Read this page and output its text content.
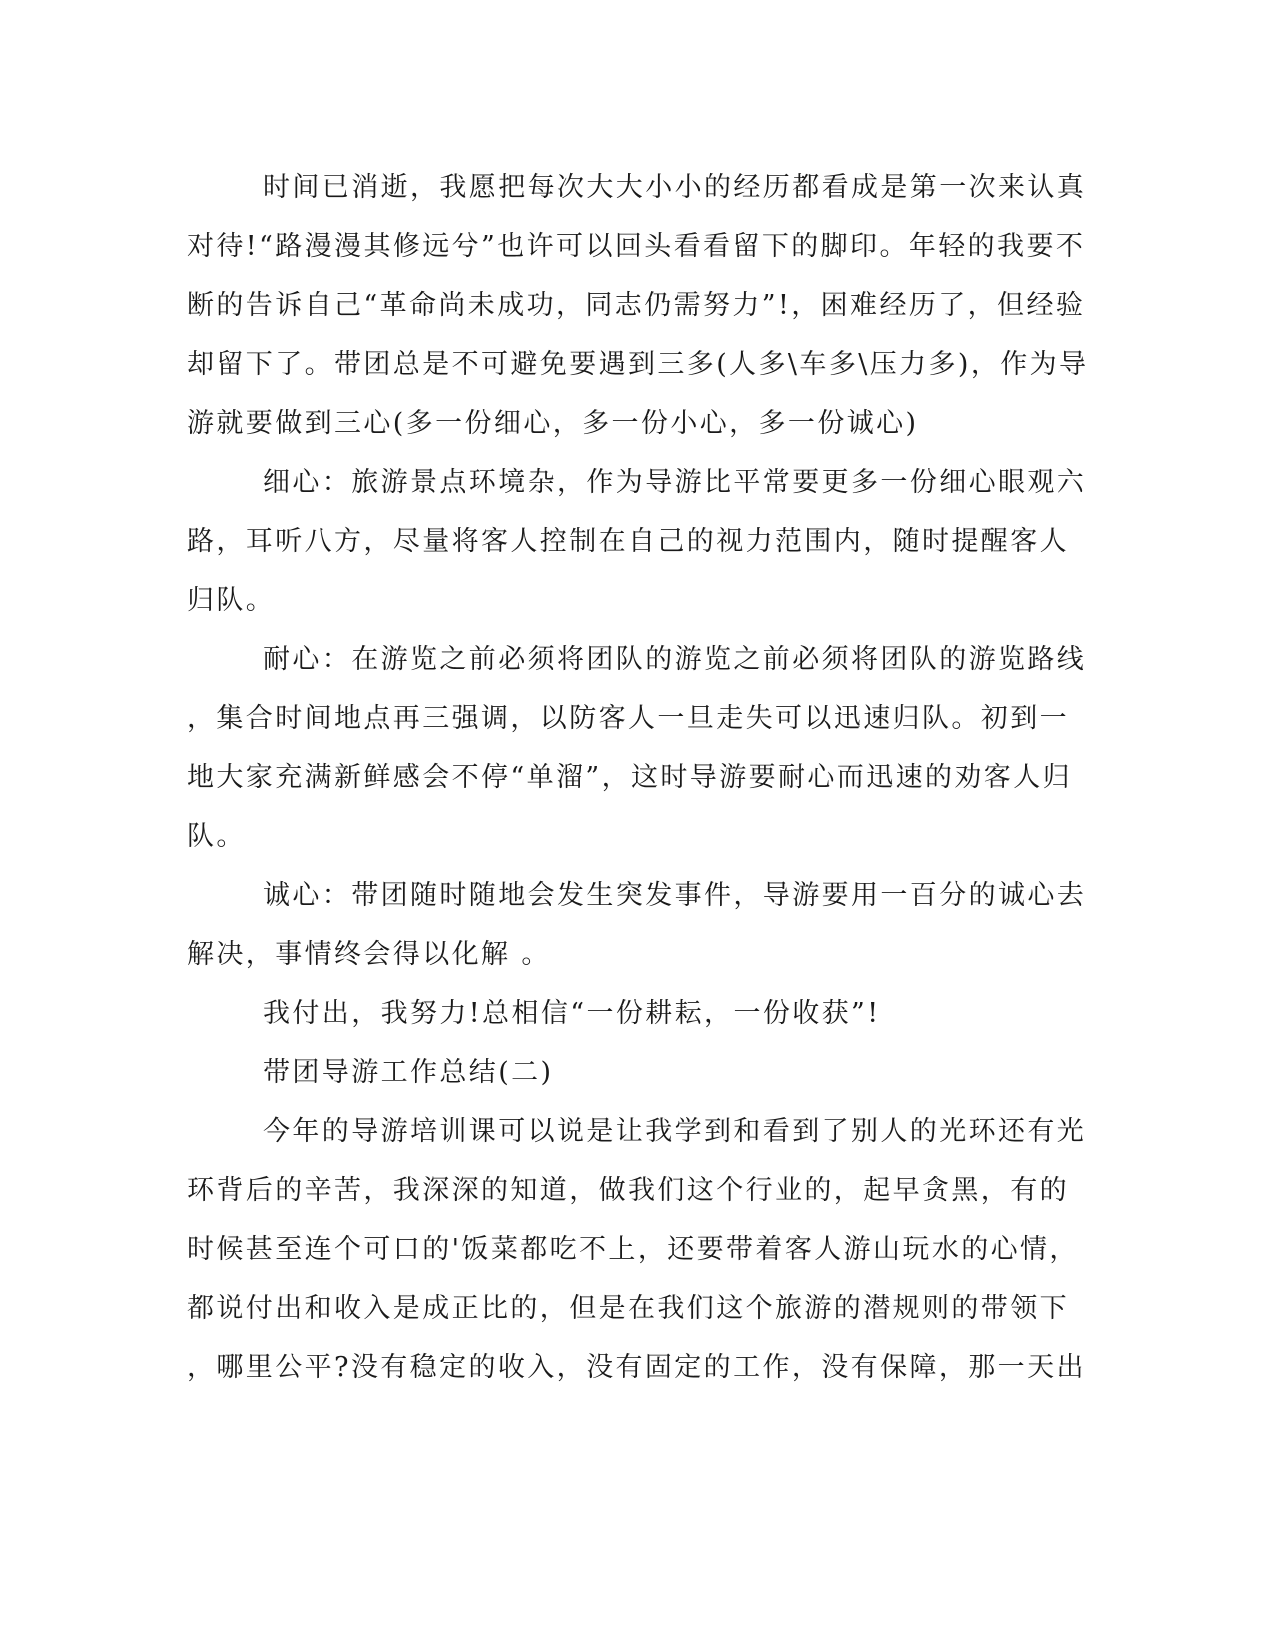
时间已消逝，我愿把每次大大小小的经历都看成是第一次来认真
对待!“路漫漫其修远兮”也许可以回头看看留下的脚印。年轻的我要不
断的告诉自己“革命尚未成功，同志仍需努力”!，困难经历了，但经验
却留下了。带团总是不可避免要遇到三多(人多\车多\压力多)，作为导
游就要做到三心(多一份细心，多一份小心，多一份诚心)
细心：旅游景点环境杂，作为导游比平常要更多一份细心眼观六
路，耳听八方，尽量将客人控制在自己的视力范围内，随时提醒客人
归队。
耐心：在游览之前必须将团队的游览之前必须将团队的游览路线
，集合时间地点再三强调，以防客人一旦走失可以迅速归队。初到一
地大家充满新鲜感会不停“单溜”，这时导游要耐心而迅速的劝客人归
队。
诚心：带团随时随地会发生突发事件，导游要用一百分的诚心去
解决，事情终会得以化解 。
我付出，我努力!总相信“一份耕耘，一份收获”!
带团导游工作总结(二)
今年的导游培训课可以说是让我学到和看到了别人的光环还有光
环背后的辛苦，我深深的知道，做我们这个行业的，起早贪黑，有的
时候甚至连个可口的'饭菜都吃不上，还要带着客人游山玩水的心情，
都说付出和收入是成正比的，但是在我们这个旅游的潜规则的带领下
，哪里公平?没有稳定的收入，没有固定的工作，没有保障，那一天出
